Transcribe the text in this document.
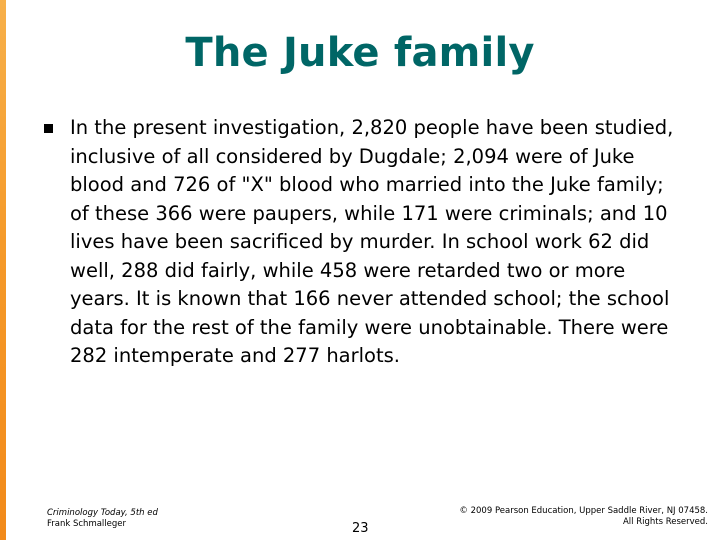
The Juke family
In the present investigation, 2,820 people have been studied, inclusive of all considered by Dugdale; 2,094 were of Juke blood and 726 of "X" blood who married into the Juke family; of these 366 were paupers, while 171 were criminals; and 10 lives have been sacrificed by murder. In school work 62 did well, 288 did fairly, while 458 were retarded two or more years. It is known that 166 never attended school; the school data for the rest of the family were unobtainable. There were 282 intemperate and 277 harlots.
Criminology Today, 5th ed
Frank Schmalleger	23
© 2009 Pearson Education, Upper Saddle River, NJ 07458.
All Rights Reserved.
